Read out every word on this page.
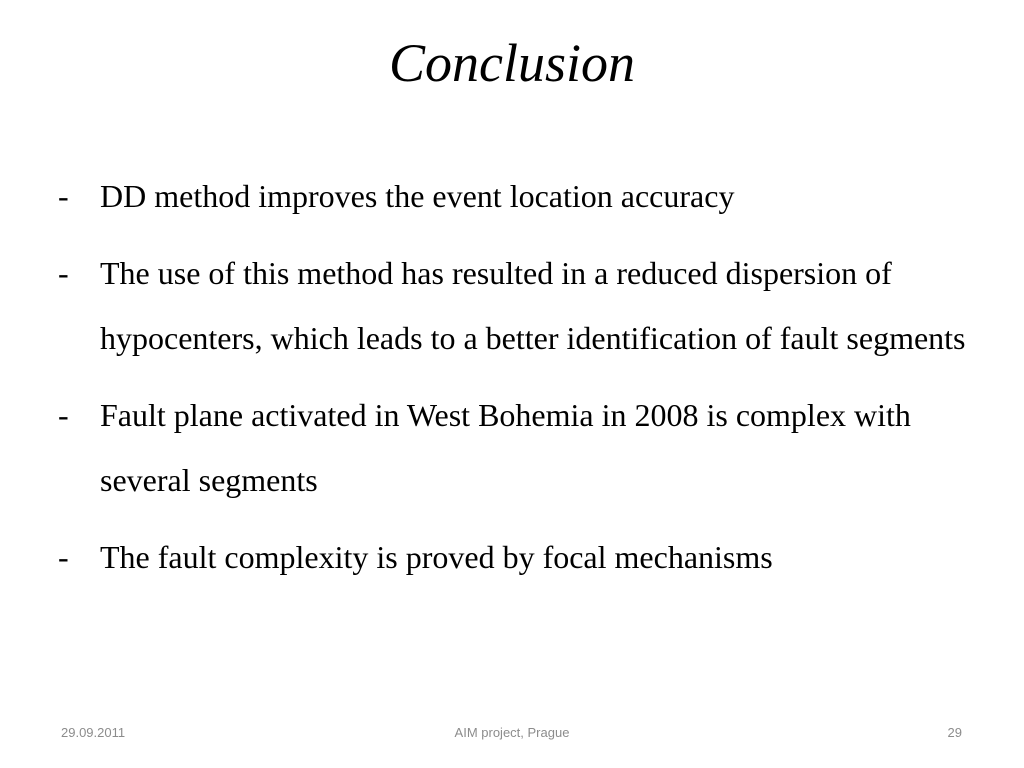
Conclusion
- DD method improves the event location accuracy
- The use of this method has resulted in a reduced dispersion of hypocenters, which leads to a better identification of fault segments
- Fault plane activated in West Bohemia in 2008 is complex with several segments
- The fault complexity is proved by focal mechanisms
29.09.2011	AIM project, Prague	29
